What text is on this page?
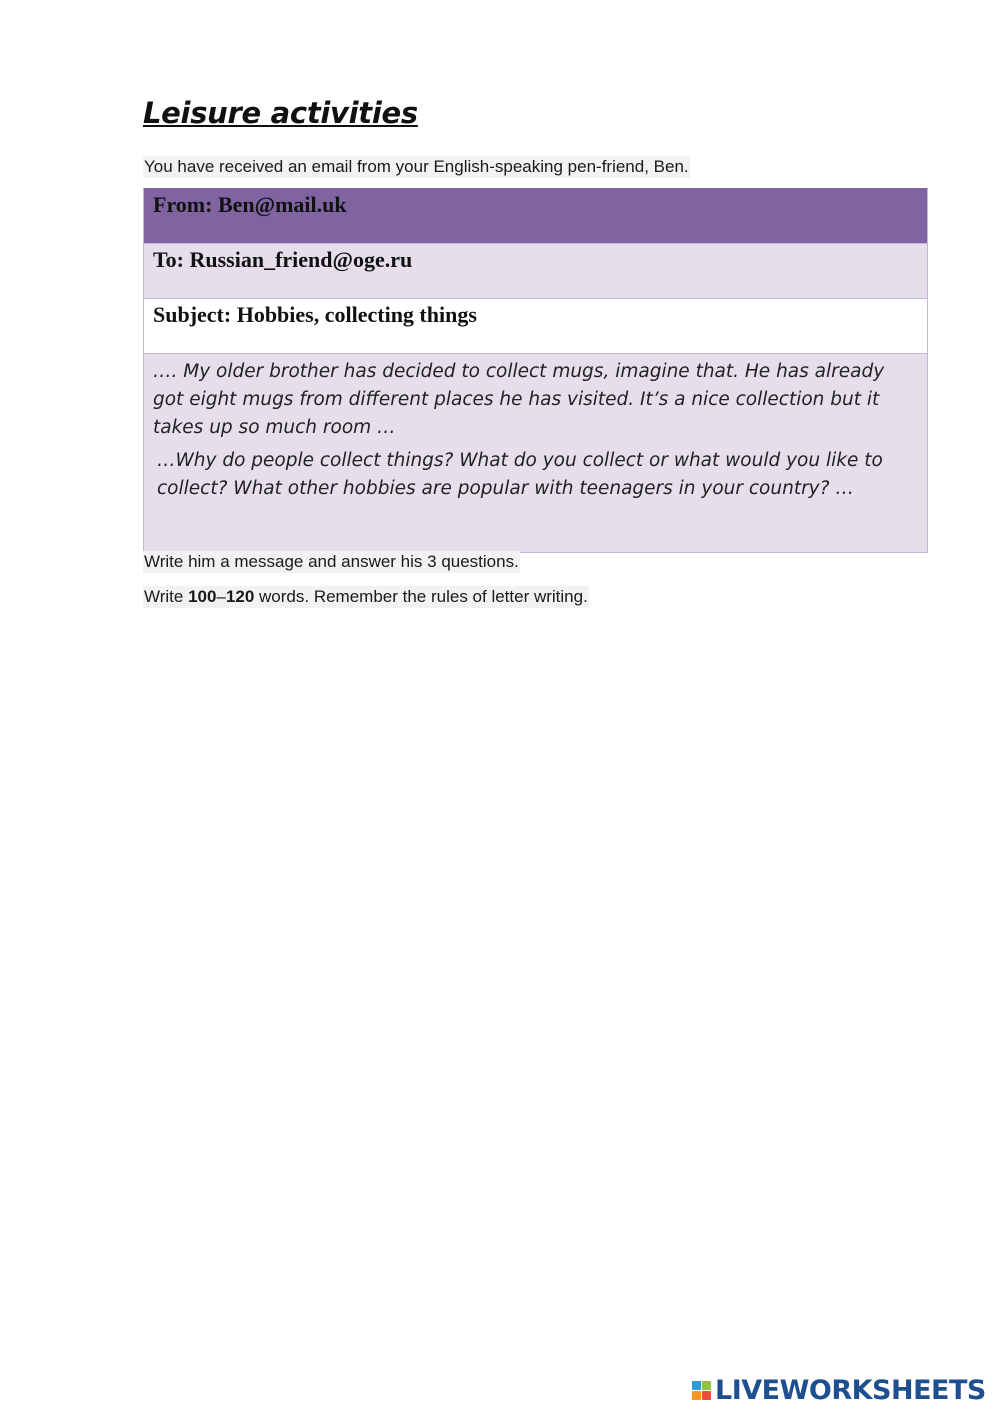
Leisure activities
You have received an email from your English-speaking pen-friend, Ben.
From: Ben@mail.uk
To: Russian_friend@oge.ru
Subject: Hobbies, collecting things

…. My older brother has decided to collect mugs, imagine that. He has already got eight mugs from different places he has visited. It’s a nice collection but it takes up so much room …

…Why do people collect things? What do you collect or what would you like to collect? What other hobbies are popular with teenagers in your country? …

Write him a message and answer his 3 questions.
Write 100–120 words. Remember the rules of letter writing.
LIVEWORKSHEETS
